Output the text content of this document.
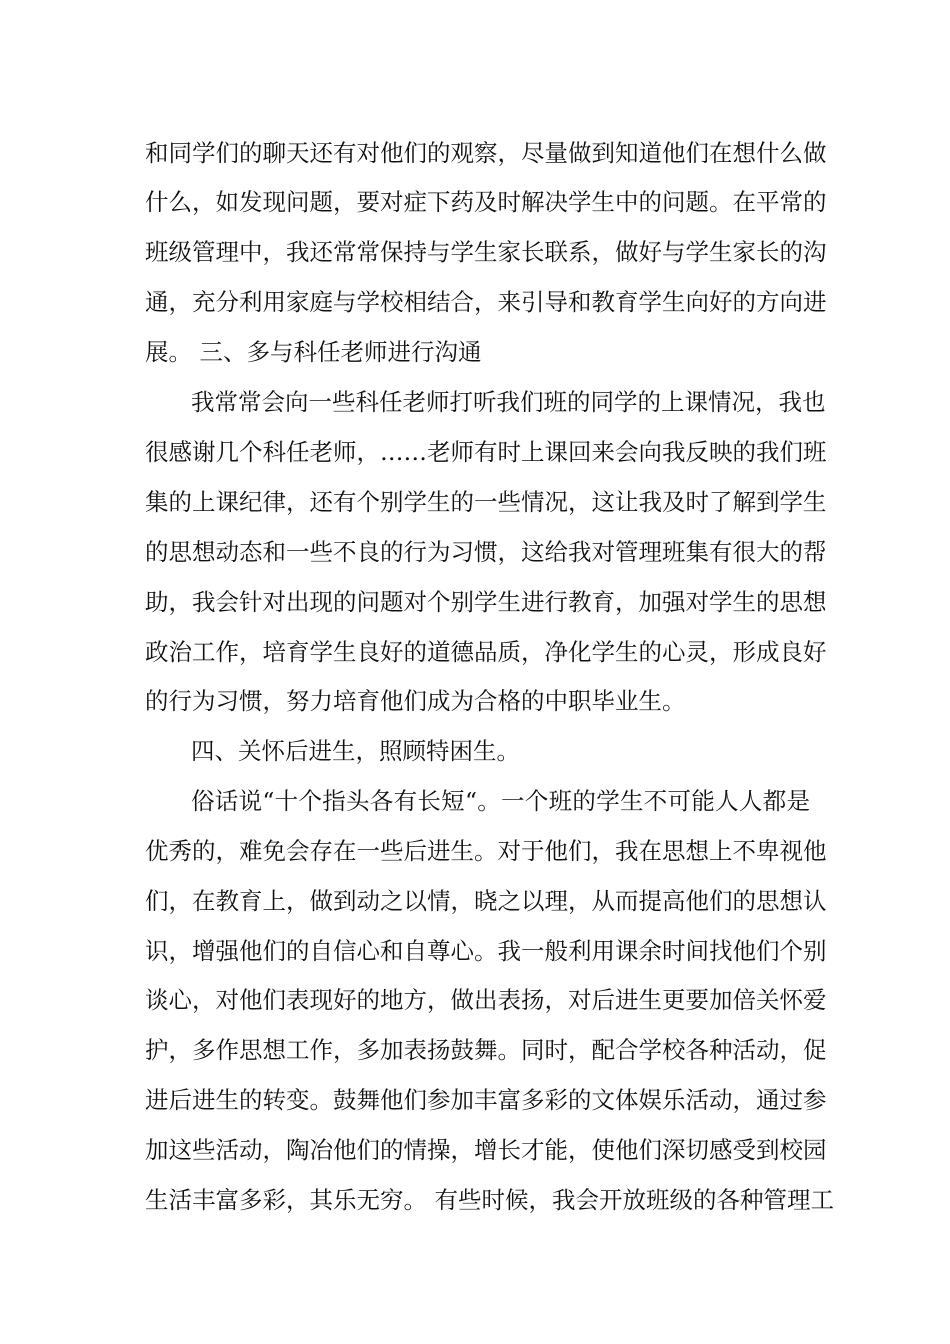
和同学们的聊天还有对他们的观察，尽量做到知道他们在想什么做
什么，如发现问题，要对症下药及时解决学生中的问题。在平常的
班级管理中，我还常常保持与学生家长联系，做好与学生家长的沟
通，充分利用家庭与学校相结合，来引导和教育学生向好的方向进
展。 三、多与科任老师进行沟通
我常常会向一些科任老师打听我们班的同学的上课情况，我也
很感谢几个科任老师，……老师有时上课回来会向我反映的我们班
集的上课纪律，还有个别学生的一些情况，这让我及时了解到学生
的思想动态和一些不良的行为习惯，这给我对管理班集有很大的帮
助，我会针对出现的问题对个别学生进行教育，加强对学生的思想
政治工作，培育学生良好的道德品质，净化学生的心灵，形成良好
的行为习惯，努力培育他们成为合格的中职毕业生。
四、关怀后进生，照顾特困生。
俗话说“十个指头各有长短“。一个班的学生不可能人人都是
优秀的，难免会存在一些后进生。对于他们，我在思想上不卑视他
们，在教育上，做到动之以情，晓之以理，从而提高他们的思想认
识，增强他们的自信心和自尊心。我一般利用课余时间找他们个别
谈心，对他们表现好的地方，做出表扬，对后进生更要加倍关怀爱
护，多作思想工作，多加表扬鼓舞。同时，配合学校各种活动，促
进后进生的转变。鼓舞他们参加丰富多彩的文体娱乐活动，通过参
加这些活动，陶冶他们的情操，增长才能，使他们深切感受到校园
生活丰富多彩，其乐无穷。 有些时候，我会开放班级的各种管理工
